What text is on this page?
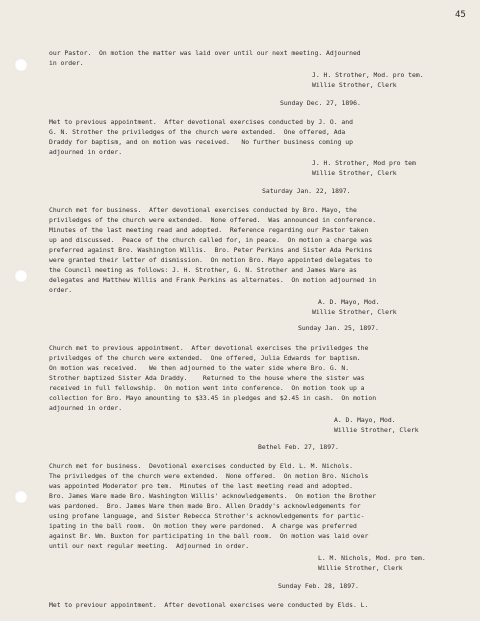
45
our Pastor.  On motion the matter was laid over until our next meeting. Adjourned
in order.
J. H. Strother, Mod. pro tem.
Willie Strother, Clerk
Sunday Dec. 27, 1896.
Met to previous appointment.  After devotional exercises conducted by J. O. and
G. N. Strother the priviledges of the church were extended.  One offered, Ada
Draddy for baptism, and on motion was received.   No further business coming up
adjourned in order.
J. H. Strother, Mod pro tem
Willie Strother, Clerk
Saturday Jan. 22, 1897.
Church met for business.  After devotional exercises conducted by Bro. Mayo, the
priviledges of the church were extended.  None offered.  Was announced in conference.
Minutes of the last meeting read and adopted.  Reference regarding our Pastor taken
up and discussed.  Peace of the church called for, in peace.  On motion a charge was
preferred against Bro. Washington Willis.  Bro. Peter Perkins and Sister Ada Perkins
were granted their letter of dismission.  On motion Bro. Mayo appointed delegates to
the Council meeting as follows: J. H. Strother, G. N. Strother and James Ware as
delegates and Matthew Willis and Frank Perkins as alternates.  On motion adjourned in
order.
A. D. Mayo, Mod.
Willie Strother, Clerk
Sunday Jan. 25, 1897.
Church met to previous appointment.  After devotional exercises the priviledges the
priviledges of the church were extended.  One offered, Julia Edwards for baptism.
On motion was received.   We then adjourned to the water side where Bro. G. N.
Strother baptized Sister Ada Draddy.    Returned to the house where the sister was
received in full fellowship.  On motion went into conference.  On motion took up a
collection for Bro. Mayo amounting to $33.45 in pledges and $2.45 in cash.  On motion
adjourned in order.
A. D. Mayo, Mod.
Willie Strother, Clerk
Bethel Feb. 27, 1897.
Church met for business.  Devotional exercises conducted by Eld. L. M. Nichols.
The priviledges of the church were extended.  None offered.  On motion Bro. Nichols
was appointed Moderator pro tem.  Minutes of the last meeting read and adopted.
Bro. James Ware made Bro. Washington Willis' acknowledgements.  On motion the Brother
was pardoned.  Bro. James Ware then made Bro. Allen Draddy's acknowledgements for
using profane language, and Sister Rebecca Strother's acknowledgements for partic-
ipating in the ball room.  On motion they were pardoned.  A charge was preferred
against Br. Wm. Buxton for participating in the ball room.  On motion was laid over
until our next regular meeting.  Adjourned in order.
L. M. Nichols, Mod. pro tem.
Willie Strother, Clerk
Sunday Feb. 28, 1897.
Met to previour appointment.  After devotional exercises were conducted by Elds. L.
